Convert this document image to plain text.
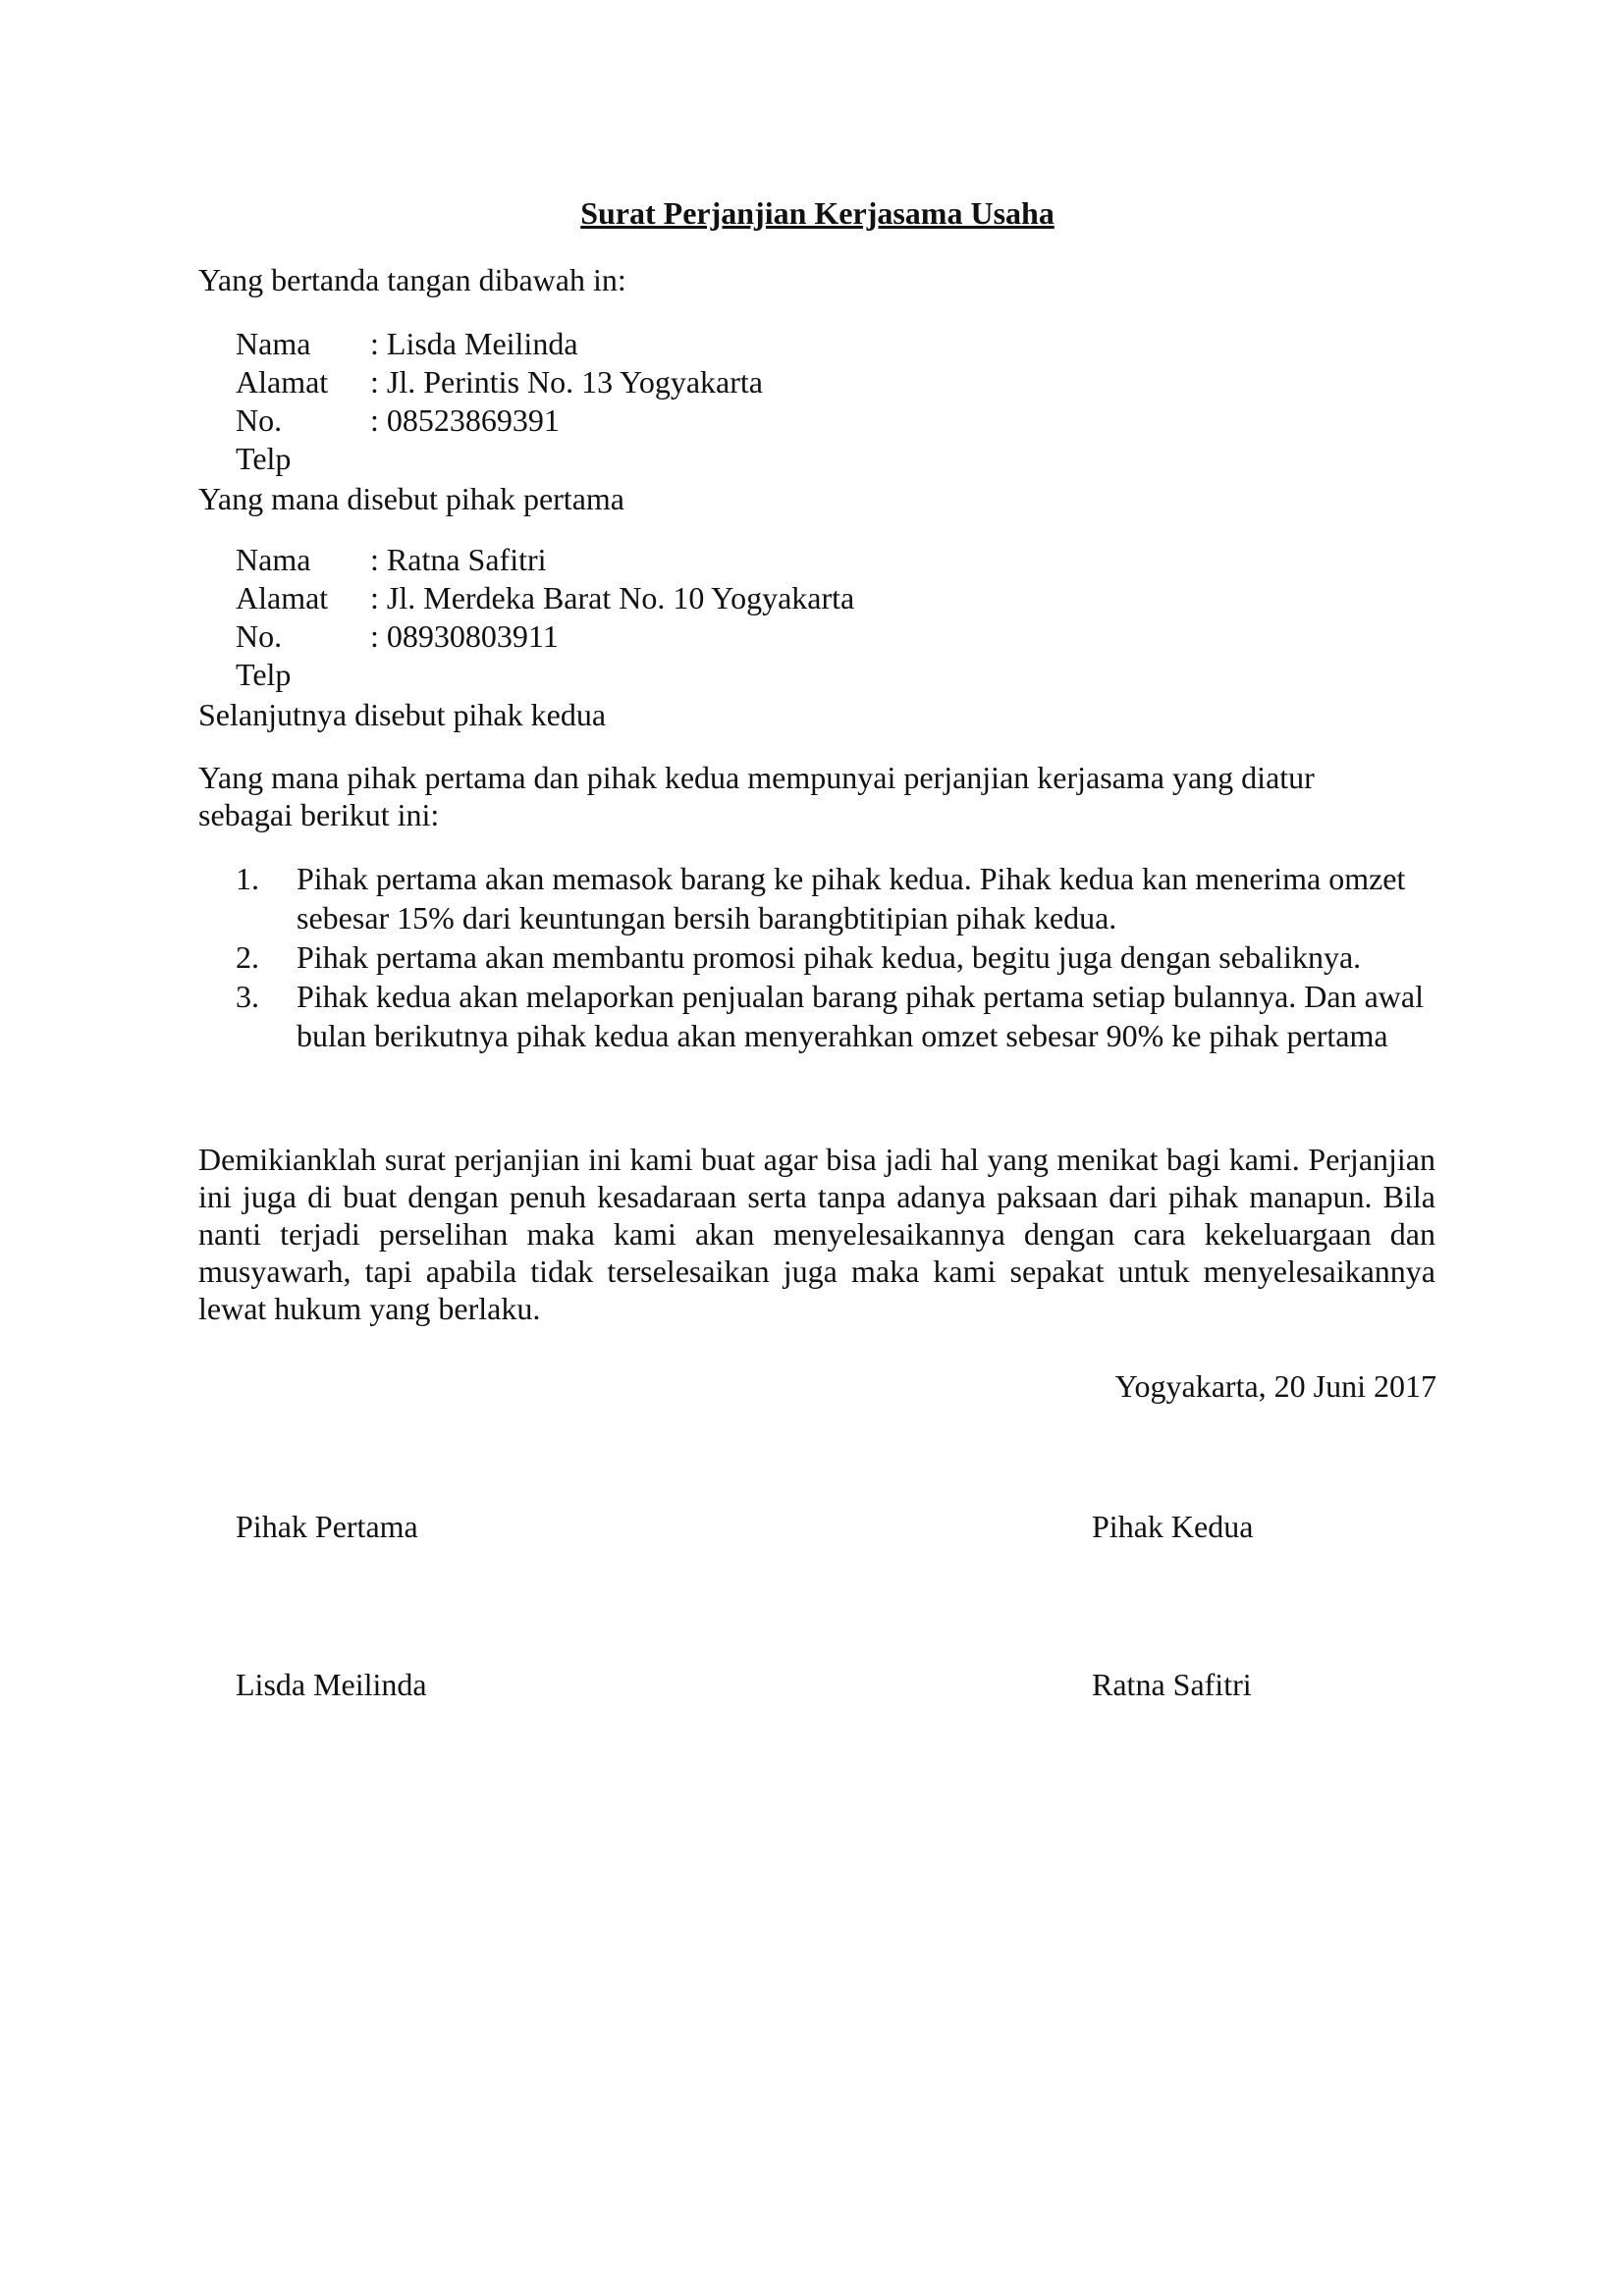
Surat Perjanjian Kerjasama Usaha
Yang bertanda tangan dibawah in:
Nama	: Lisda Meilinda
Alamat	: Jl. Perintis No. 13 Yogyakarta
No.	: 08523869391
Telp
Yang mana disebut pihak pertama
Nama	: Ratna Safitri
Alamat	: Jl. Merdeka Barat No. 10 Yogyakarta
No.	: 08930803911
Telp
Selanjutnya disebut pihak kedua
Yang mana pihak pertama dan pihak kedua mempunyai perjanjian kerjasama yang diatur sebagai berikut ini:
1.	Pihak pertama akan memasok barang ke pihak kedua. Pihak kedua kan menerima omzet sebesar 15% dari keuntungan bersih barangbtitipian pihak kedua.
2.	Pihak pertama akan membantu promosi pihak kedua, begitu juga dengan sebaliknya.
3.	Pihak kedua akan melaporkan penjualan barang pihak pertama setiap bulannya. Dan awal bulan berikutnya pihak kedua akan menyerahkan omzet sebesar 90% ke pihak pertama
Demikianklah surat perjanjian ini kami buat agar bisa jadi hal yang menikat bagi kami. Perjanjian ini juga di buat dengan penuh kesadaraan serta tanpa adanya paksaan dari pihak manapun. Bila nanti terjadi perselihan maka kami akan menyelesaikannya dengan cara kekeluargaan dan musyawarh, tapi apabila tidak terselesaikan juga maka kami sepakat untuk menyelesaikannya lewat hukum yang berlaku.
Yogyakarta, 20 Juni 2017
Pihak Pertama	Pihak Kedua
Lisda Meilinda	Ratna Safitri
